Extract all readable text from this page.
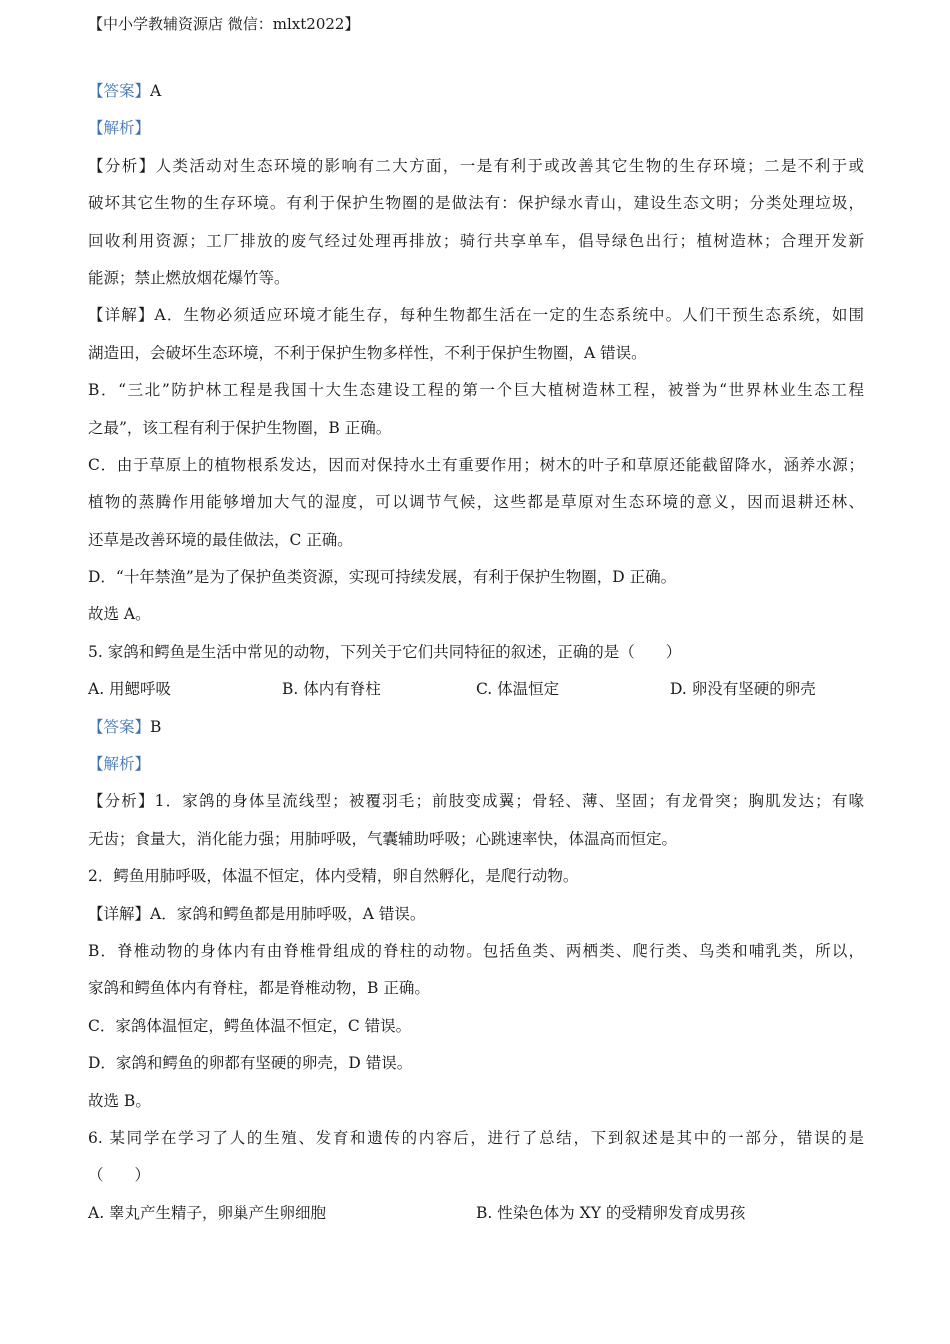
【中小学教辅资源店 微信：mlxt2022】
【答案】A
【解析】
【分析】人类活动对生态环境的影响有二大方面，一是有利于或改善其它生物的生存环境；二是不利于或
破坏其它生物的生存环境。有利于保护生物圈的是做法有：保护绿水青山，建设生态文明；分类处理垃圾，
回收利用资源；工厂排放的废气经过处理再排放；骑行共享单车，倡导绿色出行；植树造林；合理开发新
能源；禁止燃放烟花爆竹等。
【详解】A．生物必须适应环境才能生存，每种生物都生活在一定的生态系统中。人们干预生态系统，如围
湖造田，会破坏生态环境，不利于保护生物多样性，不利于保护生物圈，A 错误。
B．“三北”防护林工程是我国十大生态建设工程的第一个巨大植树造林工程，被誉为“世界林业生态工程
之最”，该工程有利于保护生物圈，B 正确。
C．由于草原上的植物根系发达，因而对保持水土有重要作用；树木的叶子和草原还能截留降水，涵养水源；
植物的蒸腾作用能够增加大气的湿度，可以调节气候，这些都是草原对生态环境的意义，因而退耕还林、
还草是改善环境的最佳做法，C 正确。
D．“十年禁渔”是为了保护鱼类资源，实现可持续发展，有利于保护生物圈，D 正确。
故选 A。
5. 家鸽和鳄鱼是生活中常见的动物，下列关于它们共同特征的叙述，正确的是（　　）
A. 用鳃呼吸	B. 体内有脊柱	C. 体温恒定	D. 卵没有坚硬的卵壳
【答案】B
【解析】
【分析】1．家鸽的身体呈流线型；被覆羽毛；前肢变成翼；骨轻、薄、坚固；有龙骨突；胸肌发达；有喙
无齿；食量大，消化能力强；用肺呼吸，气囊辅助呼吸；心跳速率快，体温高而恒定。
2．鳄鱼用肺呼吸，体温不恒定，体内受精，卵自然孵化，是爬行动物。
【详解】A．家鸽和鳄鱼都是用肺呼吸，A 错误。
B．脊椎动物的身体内有由脊椎骨组成的脊柱的动物。包括鱼类、两栖类、爬行类、鸟类和哺乳类，所以，
家鸽和鳄鱼体内有脊柱，都是脊椎动物，B 正确。
C．家鸽体温恒定，鳄鱼体温不恒定，C 错误。
D．家鸽和鳄鱼的卵都有坚硬的卵壳，D 错误。
故选 B。
6. 某同学在学习了人的生殖、发育和遗传的内容后，进行了总结，下到叙述是其中的一部分，错误的是
（　　）
A. 睾丸产生精子，卵巢产生卵细胞	B. 性染色体为 XY 的受精卵发育成男孩
